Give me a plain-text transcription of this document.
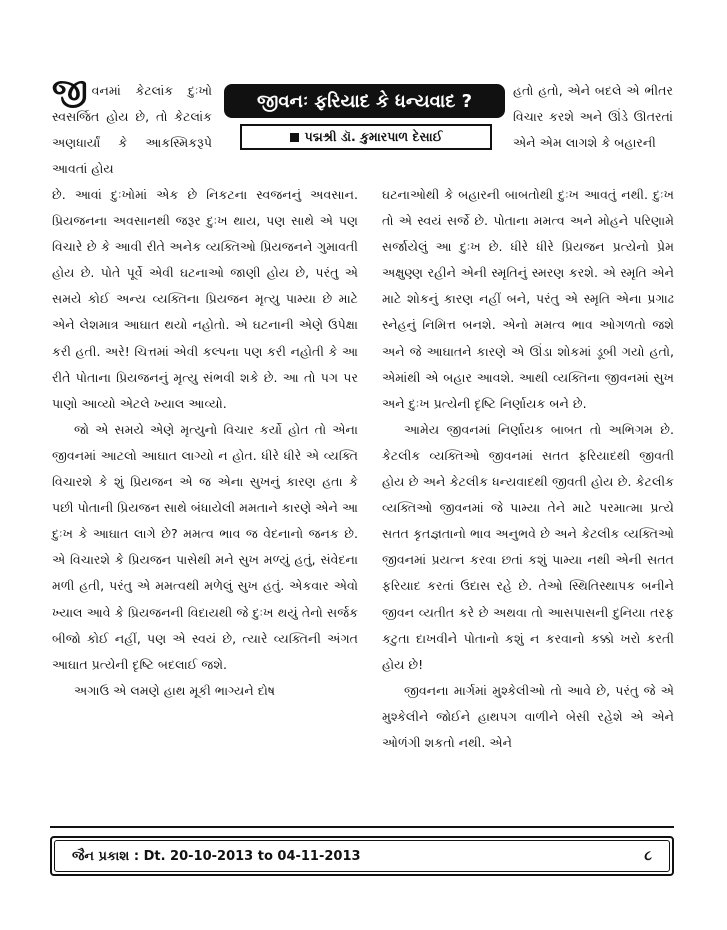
જીવનમાં કેટલાંક દુઃખો સ્વસર્જિત હોય છે, તો કેટલાંક અણધાર્યાં કે આકસ્મિકરૂપે આવતાં હોય
જીવનઃ ફરિયાદ કે ધન્યવાદ ?
પદ્મશ્રી ડૉ. કુમારપાળ દેસાઈ
હતો હતો, એને બદલે એ ભીતર વિચાર કરશે અને ઊંડે ઊતરતાં એને એમ લાગશે કે બહારની

છે. આવાં દુઃખોમાં એક છે નિકટના સ્વજનનું અવસાન. પ્રિયજનના અવસાનથી જરૂર દુઃખ થાય, પણ સાથે એ પણ વિચારે છે કે આવી રીતે અનેક વ્યક્તિઓ પ્રિયજનને ગુમાવતી હોય છે. પોતે પૂર્વે એવી ઘટનાઓ જાણી હોય છે, પરંતુ એ સમયે કોઈ અન્ય વ્યક્તિના પ્રિયજન મૃત્યુ પામ્યા છે માટે એને લેશમાત્ર આઘાત થયો નહોતો. એ ઘટનાની એણે ઉપેક્ષા કરી હતી. અરે! ચિત્તમાં એવી કલ્પના પણ કરી નહોતી કે આ રીતે પોતાના પ્રિયજનનું મૃત્યુ સંભવી શકે છે. આ તો પગ પર પાણો આવ્યો એટલે ખ્યાલ આવ્યો.

જો એ સમયે એણે મૃત્યુનો વિચાર કર્યો હોત તો એના જીવનમાં આટલો આઘાત લાગ્યો ન હોત. ધીરે ધીરે એ વ્યક્તિ વિચારશે કે શું પ્રિયજન એ જ એના સુખનું કારણ હતા કે પછી પોતાની પ્રિયજન સાથે બંધાયેલી મમતાને કારણે એને આ દુઃખ કે આઘાત લાગે છે? મમત્વ ભાવ જ વેદનાનો જનક છે. એ વિચારશે કે પ્રિયજન પાસેથી મને સુખ મળ્યું હતું, સંવેદના મળી હતી, પરંતુ એ મમત્વથી મળેલું સુખ હતું. એકવાર એવો ખ્યાલ આવે કે પ્રિયજનની વિદાયથી જે દુઃખ થયું તેનો સર્જક બીજો કોઈ નહીં, પણ એ સ્વયં છે, ત્યારે વ્યક્તિની અંગત આઘાત પ્રત્યેની દૃષ્ટિ બદલાઈ જશે.

અગાઉ એ લમણે હાથ મૂકી ભાગ્યને દોષ

ઘટનાઓથી કે બહારની બાબતોથી દુઃખ આવતું નથી. દુઃખ તો એ સ્વયં સર્જે છે. પોતાના મમત્વ અને મોહને પરિણામે સર્જાયેલું આ દુઃખ છે. ધીરે ધીરે પ્રિયજન પ્રત્યેનો પ્રેમ અક્ષુણ્ણ રહીને એની સ્મૃતિનું સ્મરણ કરશે. એ સ્મૃતિ એને માટે શોકનું કારણ નહીં બને, પરંતુ એ સ્મૃતિ એના પ્રગાઢ સ્નેહનું નિમિત્ત બનશે. એનો મમત્વ ભાવ ઓગળતો જશે અને જે આઘાતને કારણે એ ઊંડા શોકમાં ડૂબી ગયો હતો, એમાંથી એ બહાર આવશે. આથી વ્યક્તિના જીવનમાં સુખ અને દુઃખ પ્રત્યેની દૃષ્ટિ નિર્ણાયક બને છે.

આમેય જીવનમાં નિર્ણાયક બાબત તો અભિગમ છે. કેટલીક વ્યક્તિઓ જીવનમાં સતત ફરિયાદથી જીવતી હોય છે અને કેટલીક ધન્યવાદથી જીવતી હોય છે. કેટલીક વ્યક્તિઓ જીવનમાં જે પામ્યા તેને માટે પરમાત્મા પ્રત્યે સતત કૃતજ્ઞતાનો ભાવ અનુભવે છે અને કેટલીક વ્યક્તિઓ જીવનમાં પ્રયત્ન કરવા છતાં કશું પામ્યા નથી એની સતત ફરિયાદ કરતાં ઉદાસ રહે છે. તેઓ સ્થિતિસ્થાપક બનીને જીવન વ્યતીત કરે છે અથવા તો આસપાસની દુનિયા તરફ કટુતા દાખવીને પોતાનો કશું ન કરવાનો કક્કો ખરો કરતી હોય છે!

જીવનના માર્ગમાં મુશ્કેલીઓ તો આવે છે, પરંતુ જે એ મુશ્કેલીને જોઈને હાથપગ વાળીને બેસી રહેશે એ એને ઓળંગી શકતો નથી. એને

જૈન પ્રકાશ : Dt. 20-10-2013 to 04-11-2013	૮
